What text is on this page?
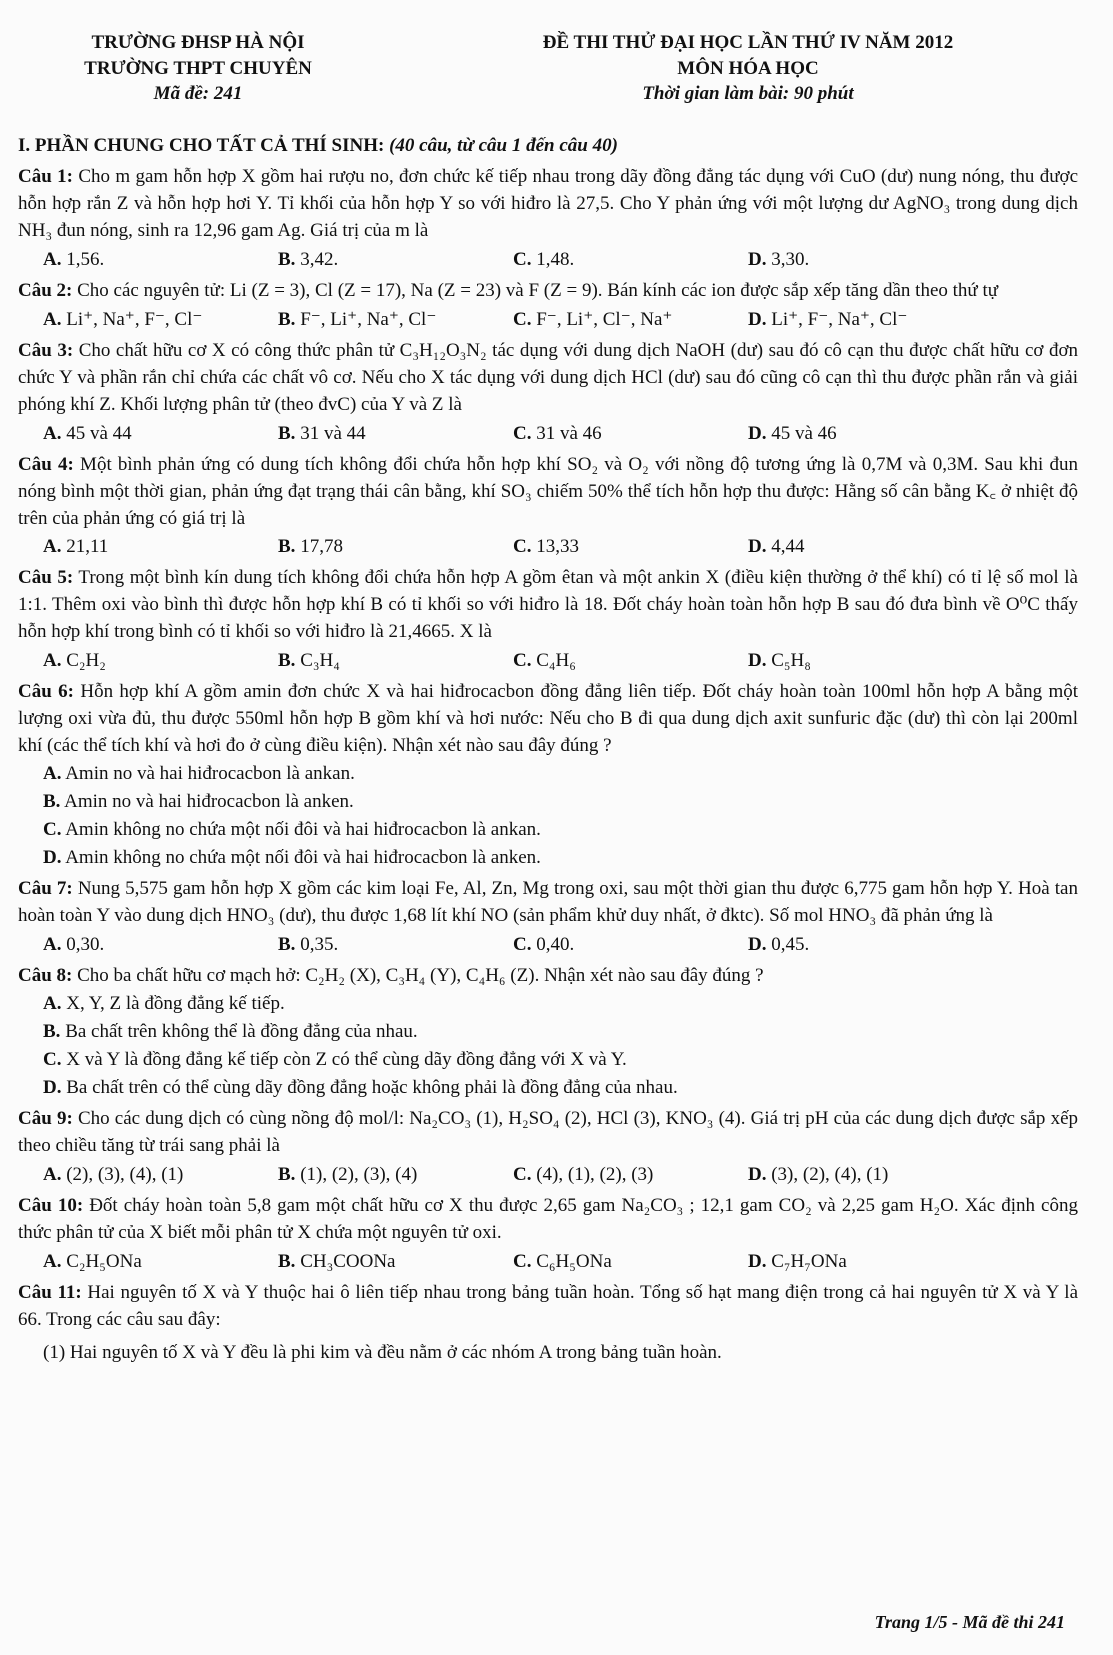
TRƯỜNG ĐHSP HÀ NỘI
TRƯỜNG THPT CHUYÊN
Mã đề: 241
ĐỀ THI THỬ ĐẠI HỌC LẦN THỨ IV NĂM 2012
MÔN HÓA HỌC
Thời gian làm bài: 90 phút
I. PHẦN CHUNG CHO TẤT CẢ THÍ SINH: (40 câu, từ câu 1 đến câu 40)
Câu 1: Cho m gam hỗn hợp X gồm hai rượu no, đơn chức kế tiếp nhau trong dãy đồng đẳng tác dụng với CuO (dư) nung nóng, thu được hỗn hợp rắn Z và hỗn hợp hơi Y. Tỉ khối của hỗn hợp Y so với hiđro là 27,5. Cho Y phản ứng với một lượng dư AgNO₃ trong dung dịch NH₃ đun nóng, sinh ra 12,96 gam Ag. Giá trị của m là
A. 1,56.	B. 3,42.	C. 1,48.	D. 3,30.
Câu 2: Cho các nguyên tử: Li (Z = 3), Cl (Z = 17), Na (Z = 23) và F (Z = 9). Bán kính các ion được sắp xếp tăng dần theo thứ tự
A. Li⁺, Na⁺, F⁻, Cl⁻	B. F⁻, Li⁺, Na⁺, Cl⁻	C. F⁻, Li⁺, Cl⁻, Na⁺	D. Li⁺, F⁻, Na⁺, Cl⁻
Câu 3: Cho chất hữu cơ X có công thức phân tử C₃H₁₂O₃N₂ tác dụng với dung dịch NaOH (dư) sau đó cô cạn thu được chất hữu cơ đơn chức Y và phần rắn chỉ chứa các chất vô cơ. Nếu cho X tác dụng với dung dịch HCl (dư) sau đó cũng cô cạn thì thu được phần rắn và giải phóng khí Z. Khối lượng phân tử (theo đvC) của Y và Z là
A. 45 và 44	B. 31 và 44	C. 31 và 46	D. 45 và 46
Câu 4: Một bình phản ứng có dung tích không đổi chứa hỗn hợp khí SO₂ và O₂ với nồng độ tương ứng là 0,7M và 0,3M. Sau khi đun nóng bình một thời gian, phản ứng đạt trạng thái cân bằng, khí SO₃ chiếm 50% thể tích hỗn hợp thu được: Hằng số cân bằng K꜀ ở nhiệt độ trên của phản ứng có giá trị là
A. 21,11	B. 17,78	C. 13,33	D. 4,44
Câu 5: Trong một bình kín dung tích không đổi chứa hỗn hợp A gồm êtan và một ankin X (điều kiện thường ở thể khí) có tỉ lệ số mol là 1:1. Thêm oxi vào bình thì được hỗn hợp khí B có tỉ khối so với hiđro là 18. Đốt cháy hoàn toàn hỗn hợp B sau đó đưa bình về O⁰C thấy hỗn hợp khí trong bình có tỉ khối so với hiđro là 21,4665. X là
A. C₂H₂	B. C₃H₄	C. C₄H₆	D. C₅H₈
Câu 6: Hỗn hợp khí A gồm amin đơn chức X và hai hiđrocacbon đồng đẳng liên tiếp. Đốt cháy hoàn toàn 100ml hỗn hợp A bằng một lượng oxi vừa đủ, thu được 550ml hỗn hợp B gồm khí và hơi nước: Nếu cho B đi qua dung dịch axit sunfuric đặc (dư) thì còn lại 200ml khí (các thể tích khí và hơi đo ở cùng điều kiện). Nhận xét nào sau đây đúng ?
A. Amin no và hai hiđrocacbon là ankan.
B. Amin no và hai hiđrocacbon là anken.
C. Amin không no chứa một nối đôi và hai hiđrocacbon là ankan.
D. Amin không no chứa một nối đôi và hai hiđrocacbon là anken.
Câu 7: Nung 5,575 gam hỗn hợp X gồm các kim loại Fe, Al, Zn, Mg trong oxi, sau một thời gian thu được 6,775 gam hỗn hợp Y. Hoà tan hoàn toàn Y vào dung dịch HNO₃ (dư), thu được 1,68 lít khí NO (sản phẩm khử duy nhất, ở đktc). Số mol HNO₃ đã phản ứng là
A. 0,30.	B. 0,35.	C. 0,40.	D. 0,45.
Câu 8: Cho ba chất hữu cơ mạch hở: C₂H₂ (X), C₃H₄ (Y), C₄H₆ (Z). Nhận xét nào sau đây đúng ?
A. X, Y, Z là đồng đẳng kế tiếp.
B. Ba chất trên không thể là đồng đẳng của nhau.
C. X và Y là đồng đẳng kế tiếp còn Z có thể cùng dãy đồng đẳng với X và Y.
D. Ba chất trên có thể cùng dãy đồng đẳng hoặc không phải là đồng đẳng của nhau.
Câu 9: Cho các dung dịch có cùng nồng độ mol/l: Na₂CO₃ (1), H₂SO₄ (2), HCl (3), KNO₃ (4). Giá trị pH của các dung dịch được sắp xếp theo chiều tăng từ trái sang phải là
A. (2), (3), (4), (1)	B. (1), (2), (3), (4)	C. (4), (1), (2), (3)	D. (3), (2), (4), (1)
Câu 10: Đốt cháy hoàn toàn 5,8 gam một chất hữu cơ X thu được 2,65 gam Na₂CO₃ ; 12,1 gam CO₂ và 2,25 gam H₂O. Xác định công thức phân tử của X biết mỗi phân tử X chứa một nguyên tử oxi.
A. C₂H₅ONa	B. CH₃COONa	C. C₆H₅ONa	D. C₇H₇ONa
Câu 11: Hai nguyên tố X và Y thuộc hai ô liên tiếp nhau trong bảng tuần hoàn. Tổng số hạt mang điện trong cả hai nguyên tử X và Y là 66. Trong các câu sau đây:
(1) Hai nguyên tố X và Y đều là phi kim và đều nằm ở các nhóm A trong bảng tuần hoàn.
Trang 1/5 - Mã đề thi 241
